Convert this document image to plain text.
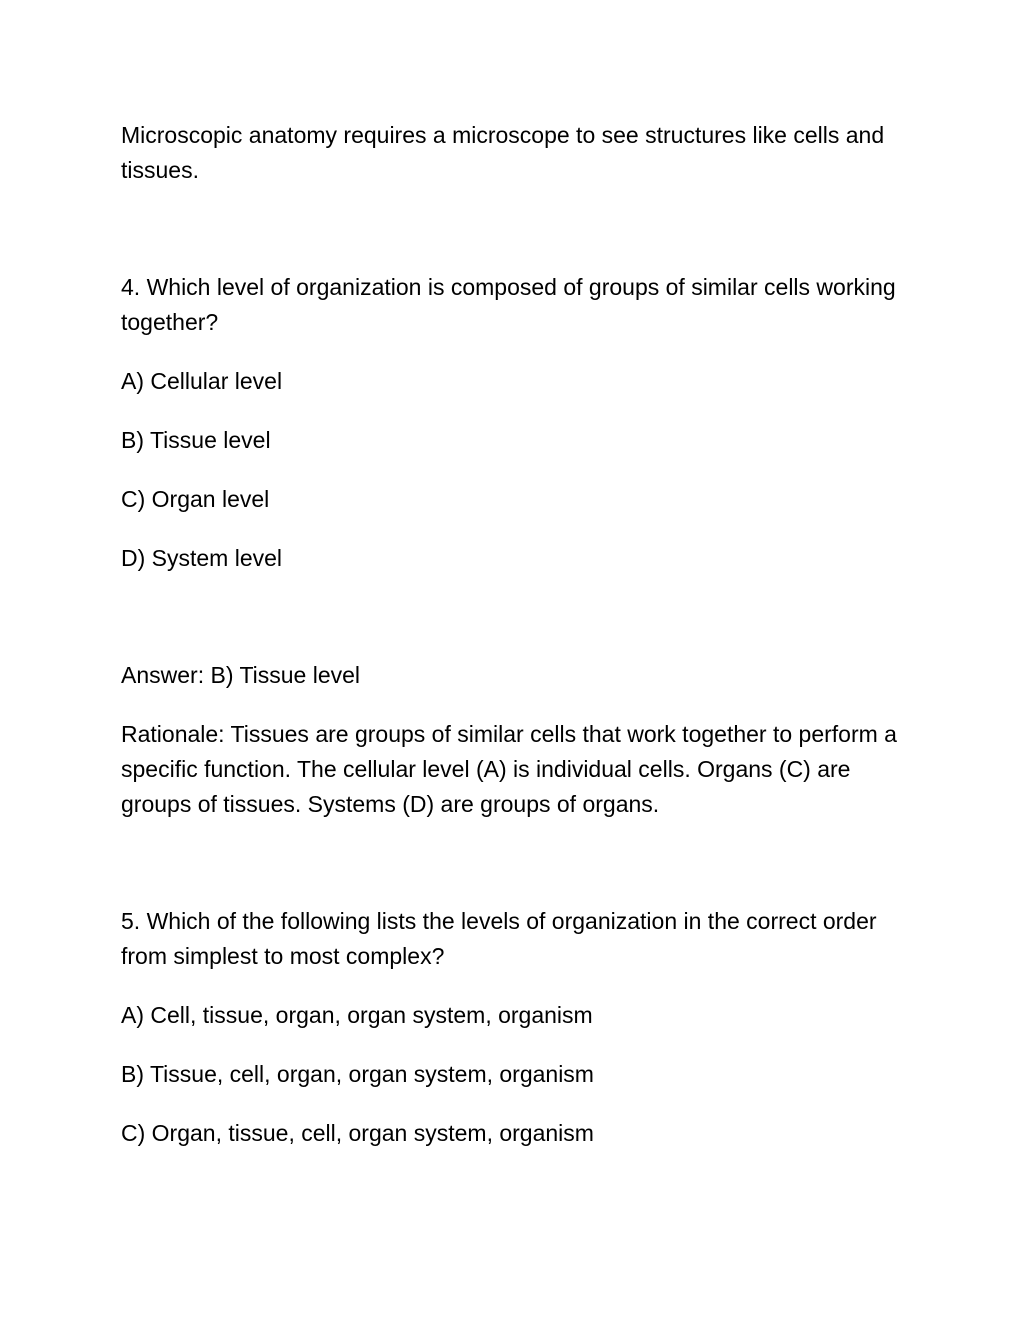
Microscopic anatomy requires a microscope to see structures like cells and tissues.

4. Which level of organization is composed of groups of similar cells working together?

A) Cellular level

B) Tissue level

C) Organ level

D) System level

Answer: B) Tissue level

Rationale: Tissues are groups of similar cells that work together to perform a specific function. The cellular level (A) is individual cells. Organs (C) are groups of tissues. Systems (D) are groups of organs.

5. Which of the following lists the levels of organization in the correct order from simplest to most complex?

A) Cell, tissue, organ, organ system, organism

B) Tissue, cell, organ, organ system, organism

C) Organ, tissue, cell, organ system, organism
